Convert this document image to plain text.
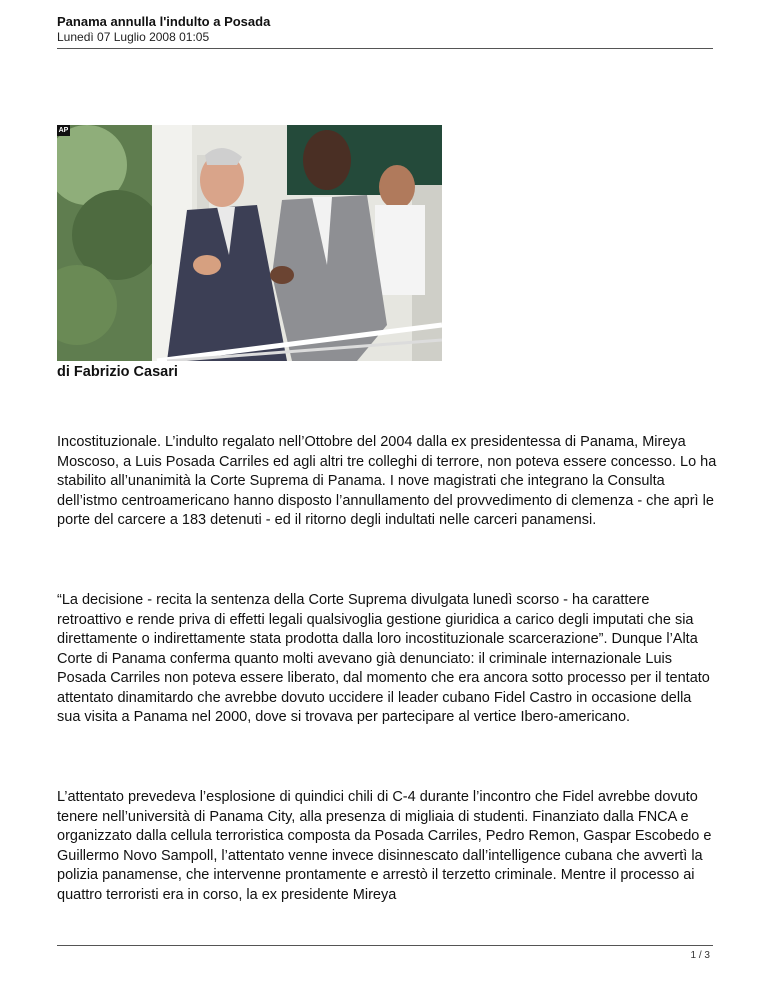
Panama annulla l'indulto a Posada
Lunedì 07 Luglio 2008 01:05
AP
di Fabrizio Casari

Incostituzionale. L’indulto regalato nell’Ottobre del 2004 dalla ex presidentessa di Panama, Mireya Moscoso, a Luis Posada Carriles ed agli altri tre colleghi di terrore, non poteva essere concesso. Lo ha stabilito all’unanimità la Corte Suprema di Panama. I nove magistrati che integrano la Consulta dell’istmo centroamericano hanno disposto l’annullamento del provvedimento di clemenza - che aprì le porte del carcere a 183 detenuti - ed il ritorno degli indultati nelle carceri panamensi.

“La decisione - recita la sentenza della Corte Suprema divulgata lunedì scorso - ha carattere retroattivo e rende priva di effetti legali qualsivoglia gestione giuridica a carico degli imputati che sia direttamente o indirettamente stata prodotta dalla loro incostituzionale scarcerazione”. Dunque l’Alta Corte di Panama conferma quanto molti avevano già denunciato: il criminale internazionale Luis Posada Carriles non poteva essere liberato, dal momento che era ancora sotto processo per il tentato attentato dinamitardo che avrebbe dovuto uccidere il leader cubano Fidel Castro in occasione della sua visita a Panama nel 2000, dove si trovava per partecipare al vertice Ibero-americano.

L’attentato prevedeva l’esplosione di quindici chili di C-4 durante l’incontro che Fidel avrebbe dovuto tenere nell’università di Panama City, alla presenza di migliaia di studenti. Finanziato dalla FNCA e organizzato dalla cellula terroristica composta da Posada Carriles, Pedro Remon, Gaspar Escobedo e Guillermo Novo Sampoll, l’attentato venne invece disinnescato dall’intelligence cubana che avvertì la polizia panamense, che intervenne prontamente e arrestò il terzetto criminale. Mentre il processo ai quattro terroristi era in corso, la ex presidente Mireya

1 / 3
